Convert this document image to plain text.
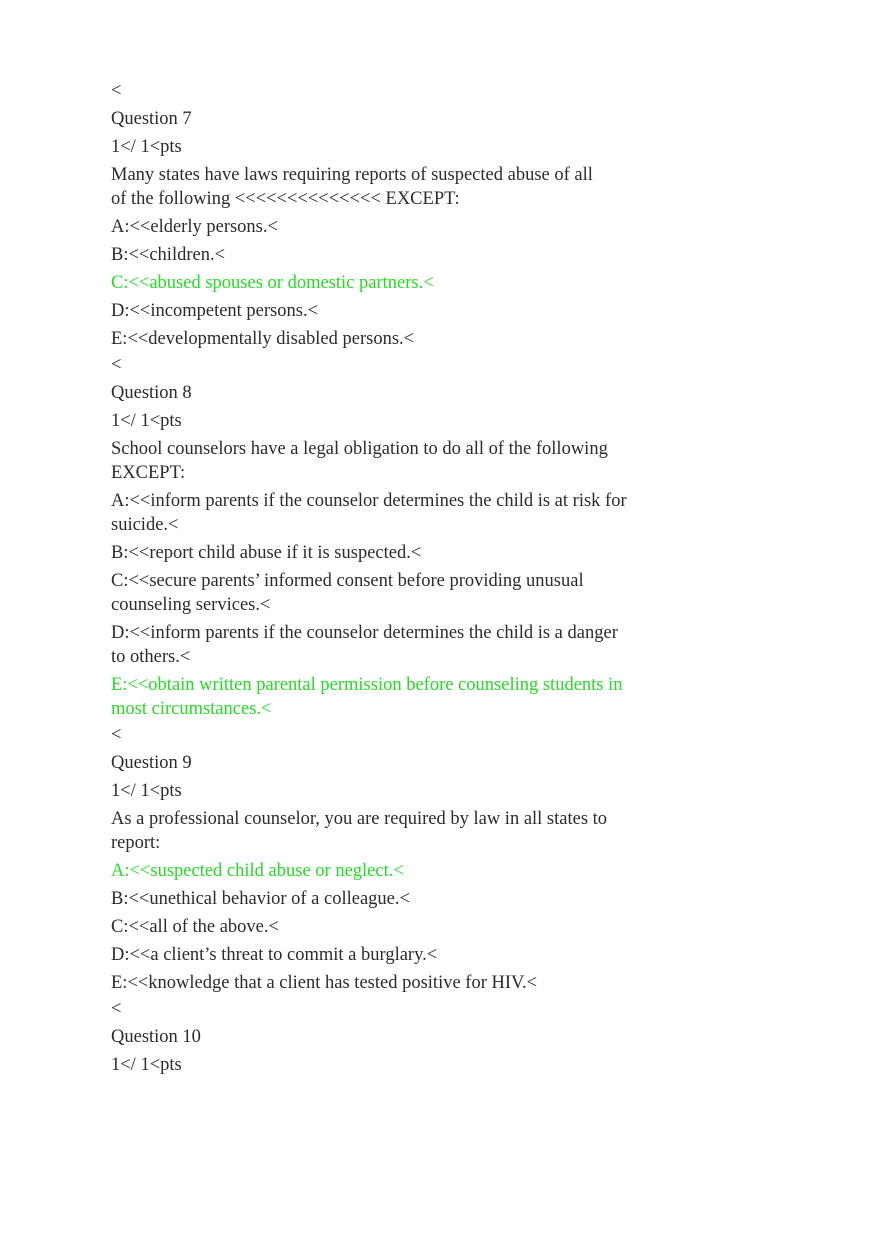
<
Question 7
1</ 1<pts
Many states have laws requiring reports of suspected abuse of all
of the following <<<<<<<<<<<<<< EXCEPT:
A:<<elderly persons.<
B:<<children.<
C:<<abused spouses or domestic partners.<
D:<<incompetent persons.<
E:<<developmentally disabled persons.<
<
Question 8
1</ 1<pts
School counselors have a legal obligation to do all of the following
EXCEPT:
A:<<inform parents if the counselor determines the child is at risk for
suicide.<
B:<<report child abuse if it is suspected.<
C:<<secure parents’ informed consent before providing unusual
counseling services.<
D:<<inform parents if the counselor determines the child is a danger
to others.<
E:<<obtain written parental permission before counseling students in
most circumstances.<
<
Question 9
1</ 1<pts
As a professional counselor, you are required by law in all states to
report:
A:<<suspected child abuse or neglect.<
B:<<unethical behavior of a colleague.<
C:<<all of the above.<
D:<<a client’s threat to commit a burglary.<
E:<<knowledge that a client has tested positive for HIV.<
<
Question 10
1</ 1<pts
